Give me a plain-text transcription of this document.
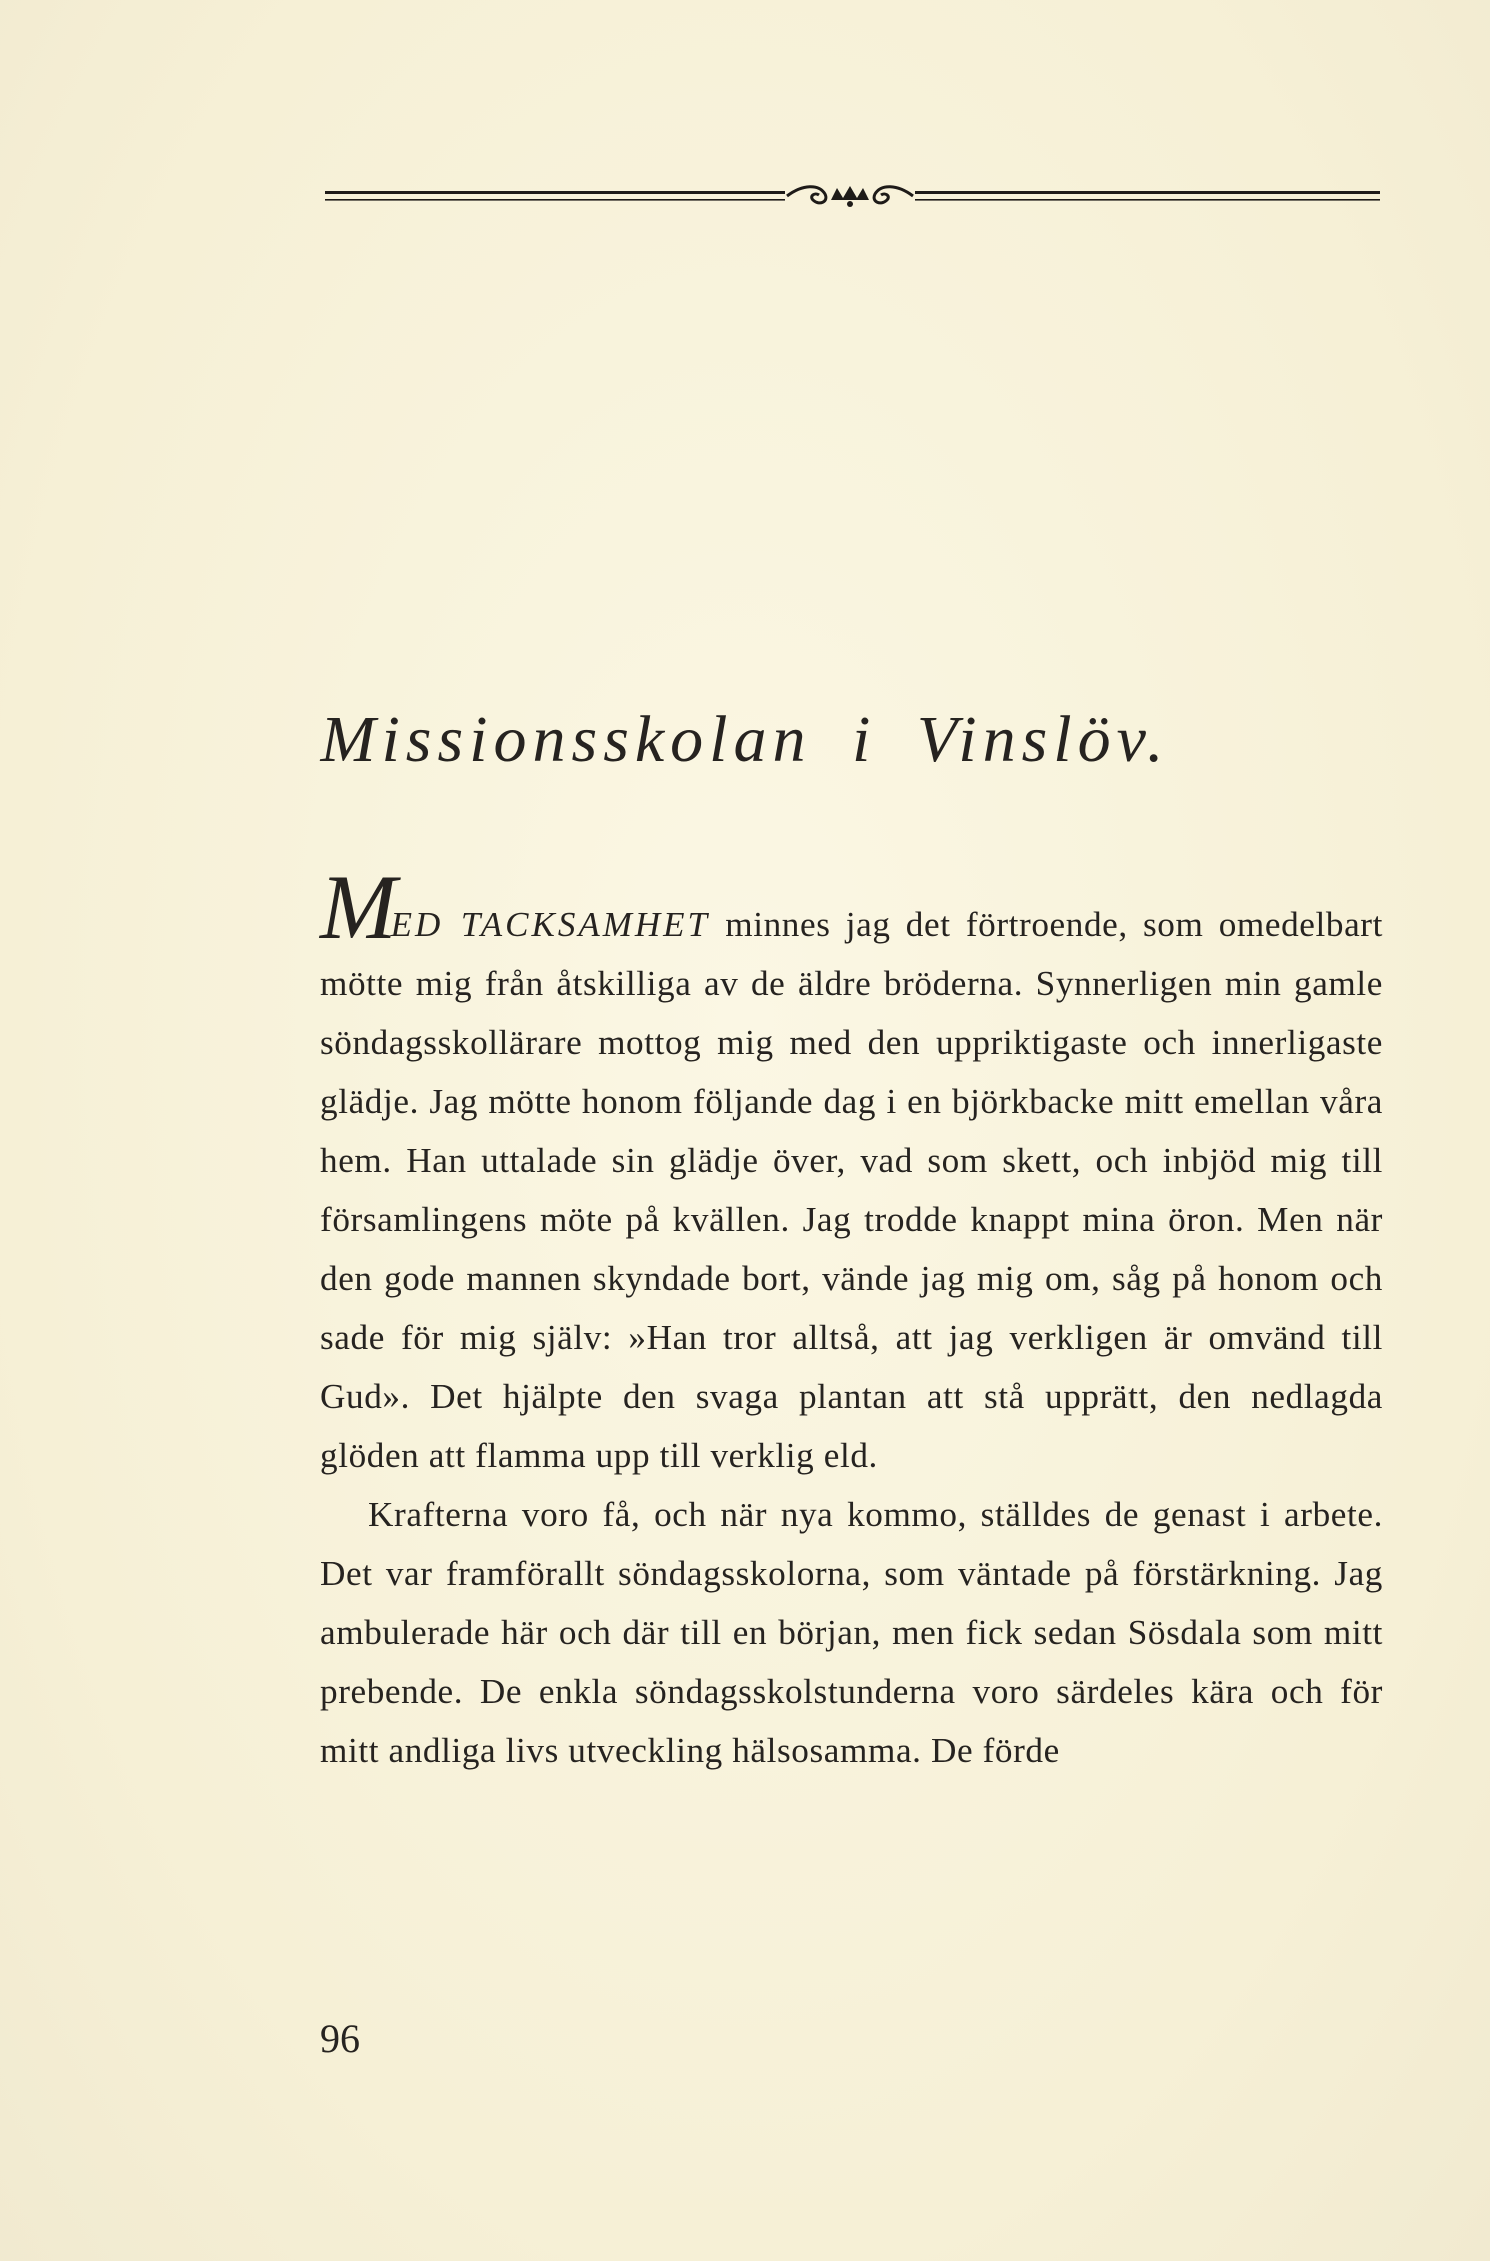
Missionsskolan i Vinslöv.

MED TACKSAMHET minnes jag det förtroende, som omedelbart mötte mig från åtskilliga av de äldre bröderna. Synnerligen min gamle söndagsskollärare mottog mig med den uppriktigaste och innerligaste glädje. Jag mötte honom följande dag i en björkbacke mitt emellan våra hem. Han uttalade sin glädje över, vad som skett, och inbjöd mig till församlingens möte på kvällen. Jag trodde knappt mina öron. Men när den gode mannen skyndade bort, vände jag mig om, såg på honom och sade för mig själv: »Han tror alltså, att jag verkligen är omvänd till Gud». Det hjälpte den svaga plantan att stå upprätt, den nedlagda glöden att flamma upp till verklig eld.

Krafterna voro få, och när nya kommo, ställdes de genast i arbete. Det var framförallt söndagsskolorna, som väntade på förstärkning. Jag ambulerade här och där till en början, men fick sedan Sösdala som mitt prebende. De enkla söndagsskolstunderna voro särdeles kära och för mitt andliga livs utveckling hälsosamma. De förde

96
